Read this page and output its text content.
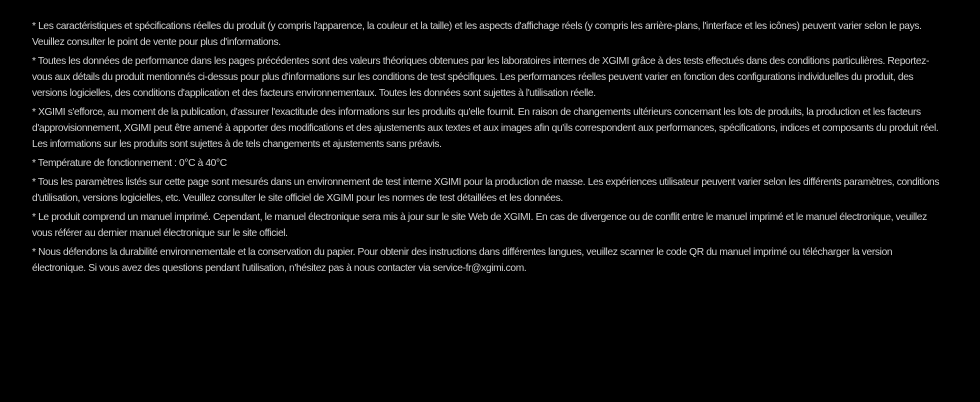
* Les caractéristiques et spécifications réelles du produit (y compris l'apparence, la couleur et la taille) et les aspects d'affichage réels (y compris les arrière-plans, l'interface et les icônes) peuvent varier selon le pays. Veuillez consulter le point de vente pour plus d'informations.

* Toutes les données de performance dans les pages précédentes sont des valeurs théoriques obtenues par les laboratoires internes de XGIMI grâce à des tests effectués dans des conditions particulières. Reportez-vous aux détails du produit mentionnés ci-dessus pour plus d'informations sur les conditions de test spécifiques. Les performances réelles peuvent varier en fonction des configurations individuelles du produit, des versions logicielles, des conditions d'application et des facteurs environnementaux. Toutes les données sont sujettes à l'utilisation réelle.

* XGIMI s'efforce, au moment de la publication, d'assurer l'exactitude des informations sur les produits qu'elle fournit. En raison de changements ultérieurs concernant les lots de produits, la production et les facteurs d'approvisionnement, XGIMI peut être amené à apporter des modifications et des ajustements aux textes et aux images afin qu'ils correspondent aux performances, spécifications, indices et composants du produit réel. Les informations sur les produits sont sujettes à de tels changements et ajustements sans préavis.

* Température de fonctionnement : 0°C à 40°C

* Tous les paramètres listés sur cette page sont mesurés dans un environnement de test interne XGIMI pour la production de masse. Les expériences utilisateur peuvent varier selon les différents paramètres, conditions d'utilisation, versions logicielles, etc. Veuillez consulter le site officiel de XGIMI pour les normes de test détaillées et les données.

* Le produit comprend un manuel imprimé. Cependant, le manuel électronique sera mis à jour sur le site Web de XGIMI. En cas de divergence ou de conflit entre le manuel imprimé et le manuel électronique, veuillez vous référer au dernier manuel électronique sur le site officiel.

* Nous défendons la durabilité environnementale et la conservation du papier. Pour obtenir des instructions dans différentes langues, veuillez scanner le code QR du manuel imprimé ou télécharger la version électronique. Si vous avez des questions pendant l'utilisation, n'hésitez pas à nous contacter via service-fr@xgimi.com.
